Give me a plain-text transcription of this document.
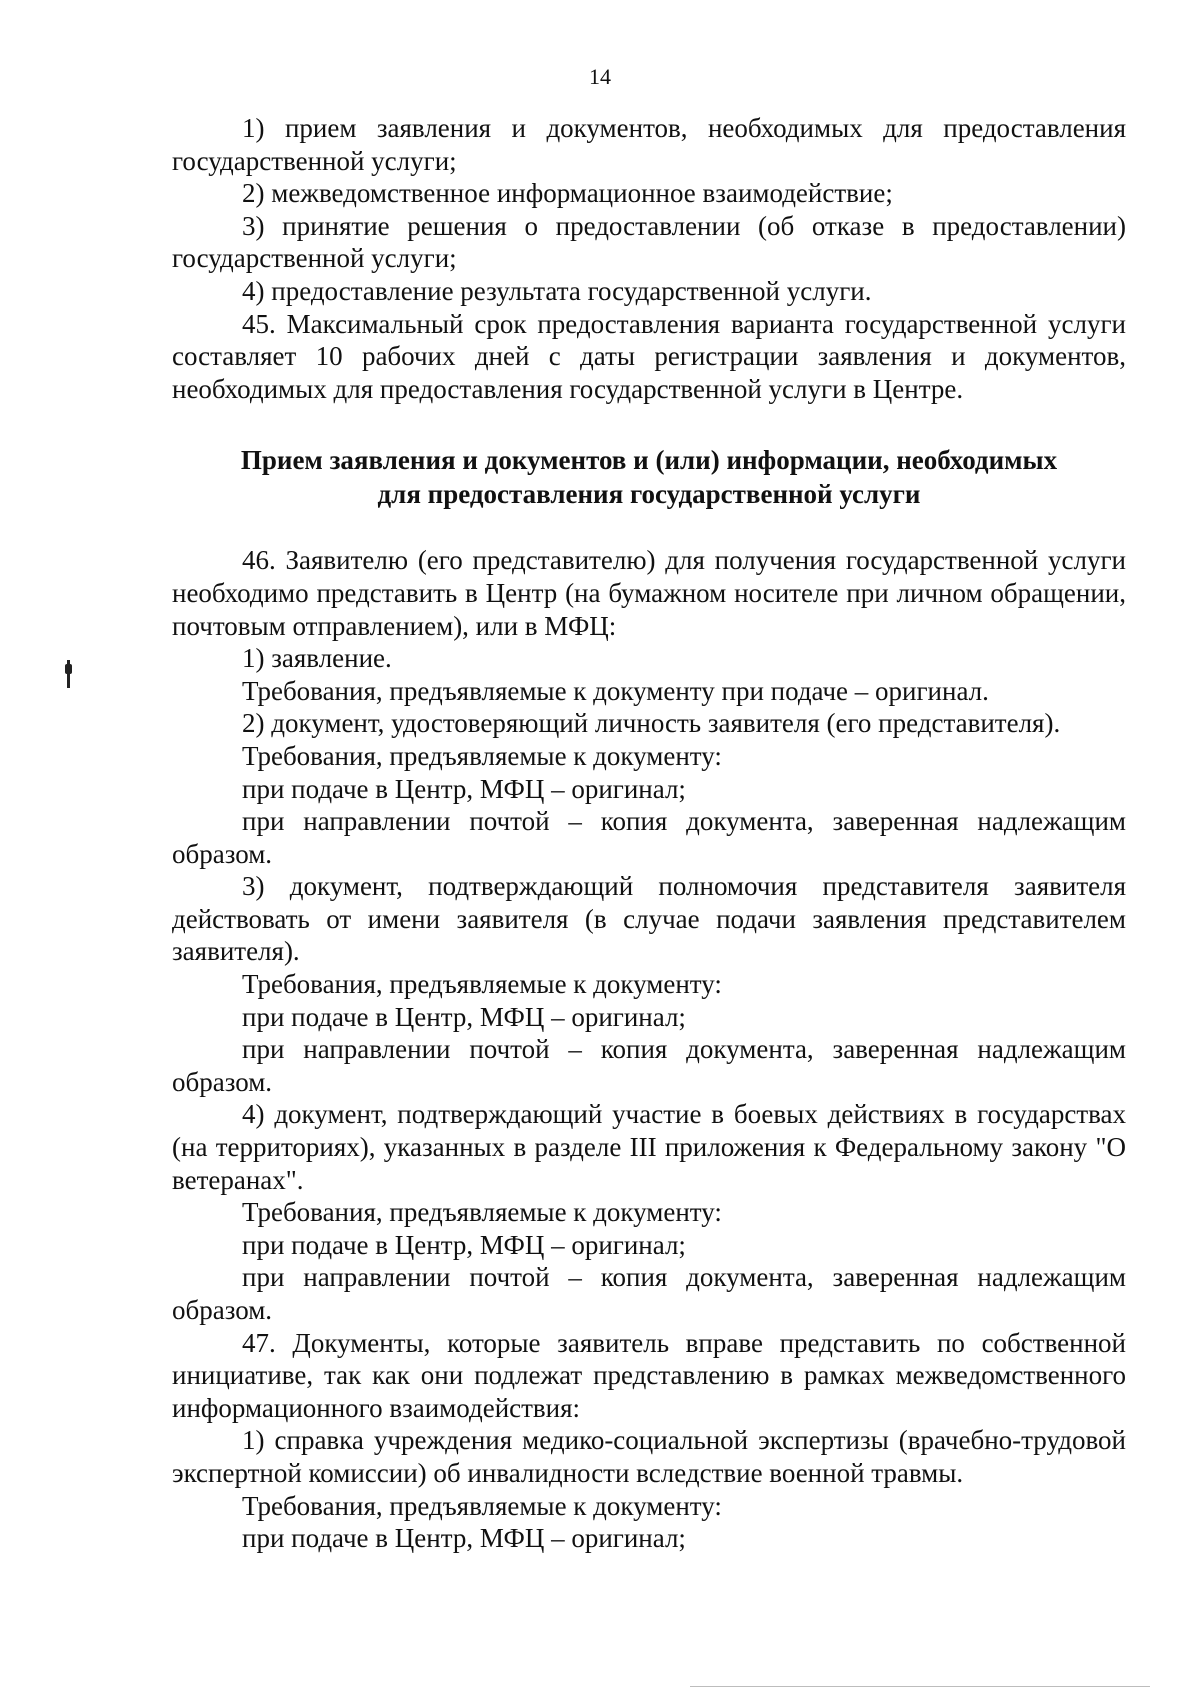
14

1) прием заявления и документов, необходимых для предоставления государственной услуги;

2) межведомственное информационное взаимодействие;

3) принятие решения о предоставлении (об отказе в предоставлении) государственной услуги;

4) предоставление результата государственной услуги.

45. Максимальный срок предоставления варианта государственной услуги составляет 10 рабочих дней с даты регистрации заявления и документов, необходимых для предоставления государственной услуги в Центре.

Прием заявления и документов и (или) информации, необходимых
для предоставления государственной услуги

46. Заявителю (его представителю) для получения государственной услуги необходимо представить в Центр (на бумажном носителе при личном обращении, почтовым отправлением), или в МФЦ:

1) заявление.

Требования, предъявляемые к документу при подаче – оригинал.

2) документ, удостоверяющий личность заявителя (его представителя).

Требования, предъявляемые к документу:

при подаче в Центр, МФЦ – оригинал;

при направлении почтой – копия документа, заверенная надлежащим образом.

3) документ, подтверждающий полномочия представителя заявителя действовать от имени заявителя (в случае подачи заявления представителем заявителя).

Требования, предъявляемые к документу:

при подаче в Центр, МФЦ – оригинал;

при направлении почтой – копия документа, заверенная надлежащим образом.

4) документ, подтверждающий участие в боевых действиях в государствах (на территориях), указанных в разделе III приложения к Федеральному закону "О ветеранах".

Требования, предъявляемые к документу:

при подаче в Центр, МФЦ – оригинал;

при направлении почтой – копия документа, заверенная надлежащим образом.

47. Документы, которые заявитель вправе представить по собственной инициативе, так как они подлежат представлению в рамках межведомственного информационного взаимодействия:

1) справка учреждения медико-социальной экспертизы (врачебно-трудовой экспертной комиссии) об инвалидности вследствие военной травмы.

Требования, предъявляемые к документу:

при подаче в Центр, МФЦ – оригинал;
